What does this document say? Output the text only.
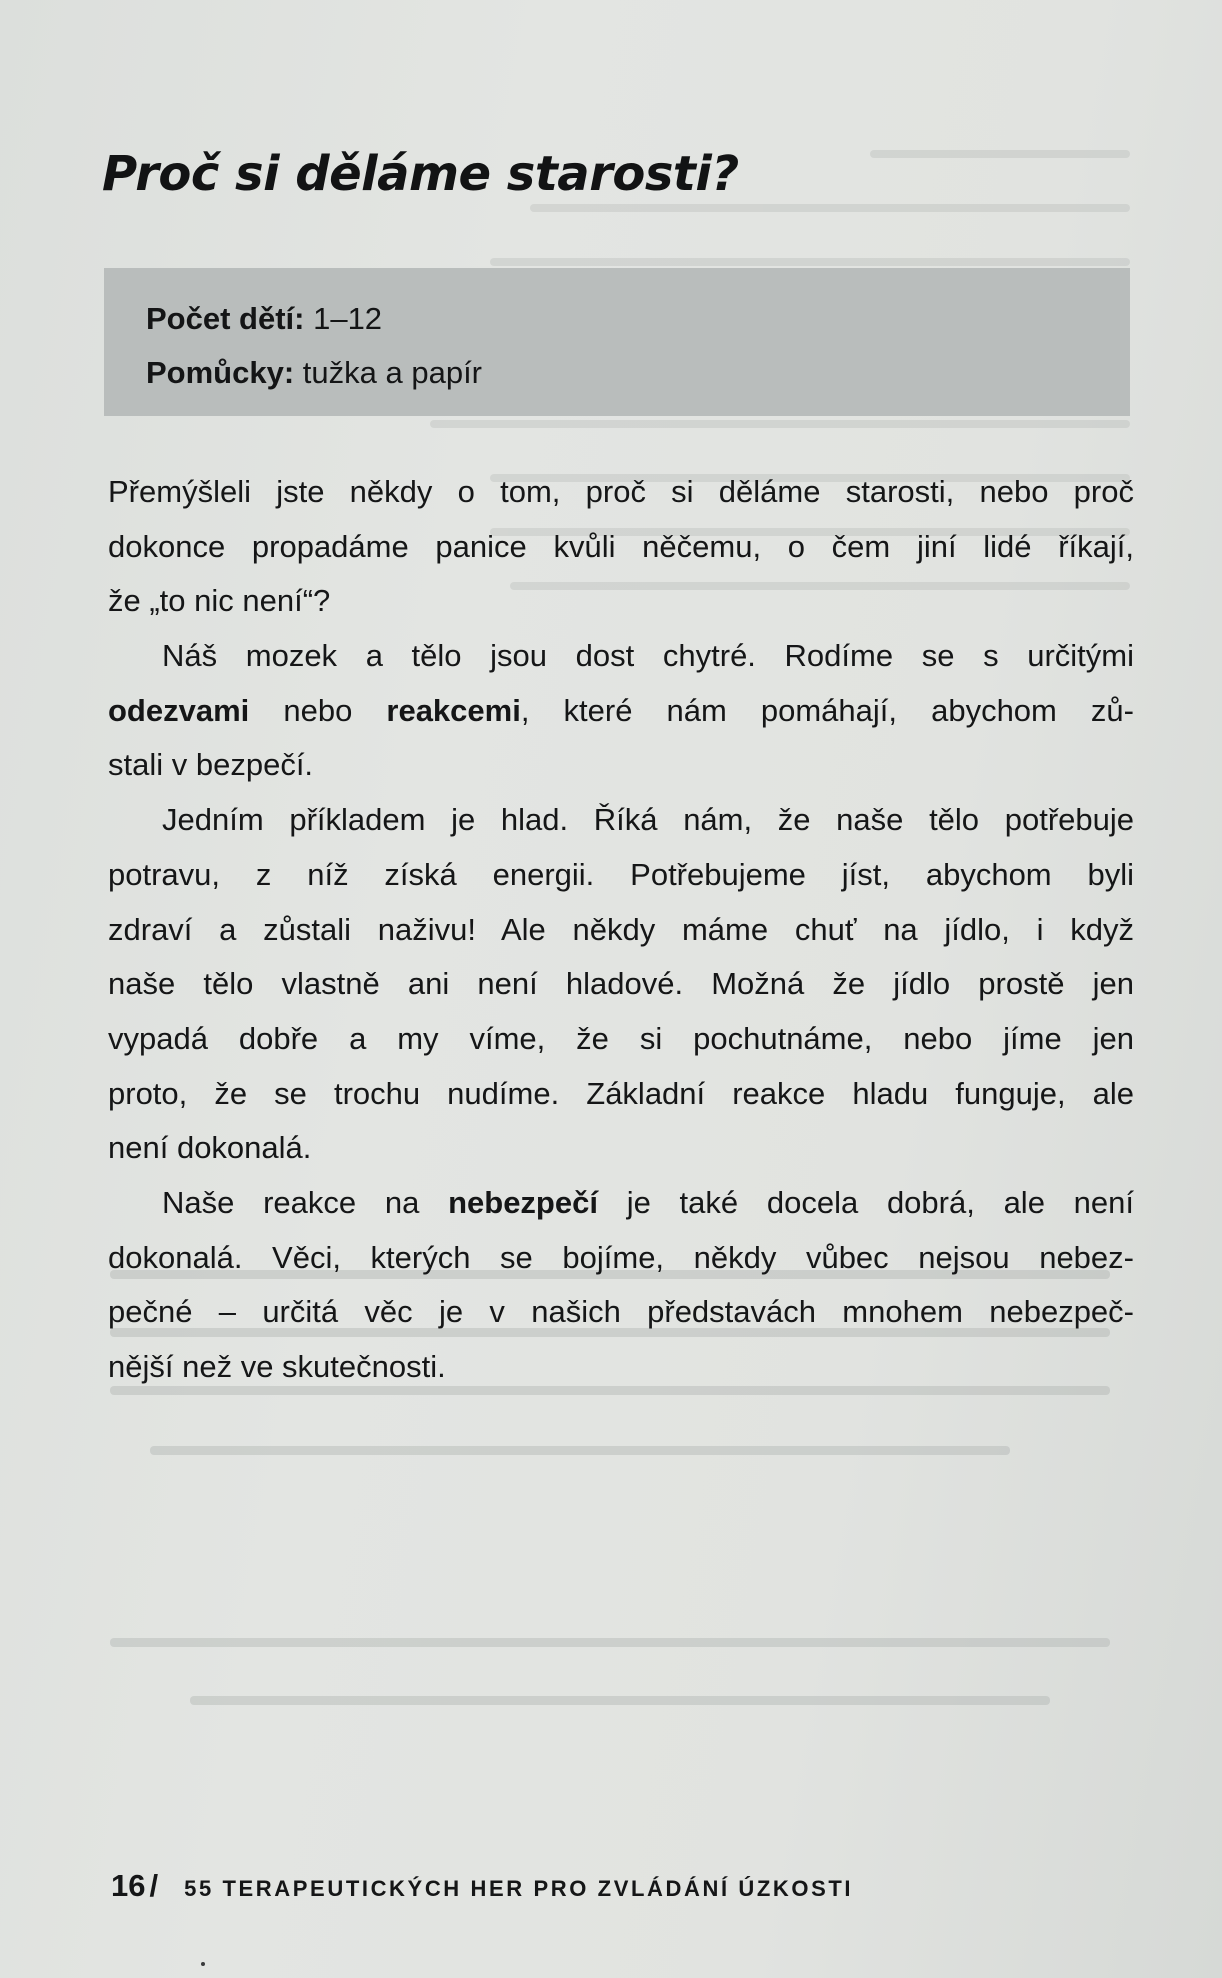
Proč si děláme starosti?
Počet dětí: 1–12
Pomůcky: tužka a papír
Přemýšleli jste někdy o tom, proč si děláme starosti, nebo proč
dokonce propadáme panice kvůli něčemu, o čem jiní lidé říkají,
že „to nic není“?
Náš mozek a tělo jsou dost chytré. Rodíme se s určitými
odezvami nebo reakcemi, které nám pomáhají, abychom zů-
stali v bezpečí.
Jedním příkladem je hlad. Říká nám, že naše tělo potřebuje
potravu, z níž získá energii. Potřebujeme jíst, abychom byli
zdraví a zůstali naživu! Ale někdy máme chuť na jídlo, i když
naše tělo vlastně ani není hladové. Možná že jídlo prostě jen
vypadá dobře a my víme, že si pochutnáme, nebo jíme jen
proto, že se trochu nudíme. Základní reakce hladu funguje, ale
není dokonalá.
Naše reakce na nebezpečí je také docela dobrá, ale není
dokonalá. Věci, kterých se bojíme, někdy vůbec nejsou nebez-
pečné – určitá věc je v našich představách mnohem nebezpeč-
nější než ve skutečnosti.
16 / 55 TERAPEUTICKÝCH HER PRO ZVLÁDÁNÍ ÚZKOSTI
